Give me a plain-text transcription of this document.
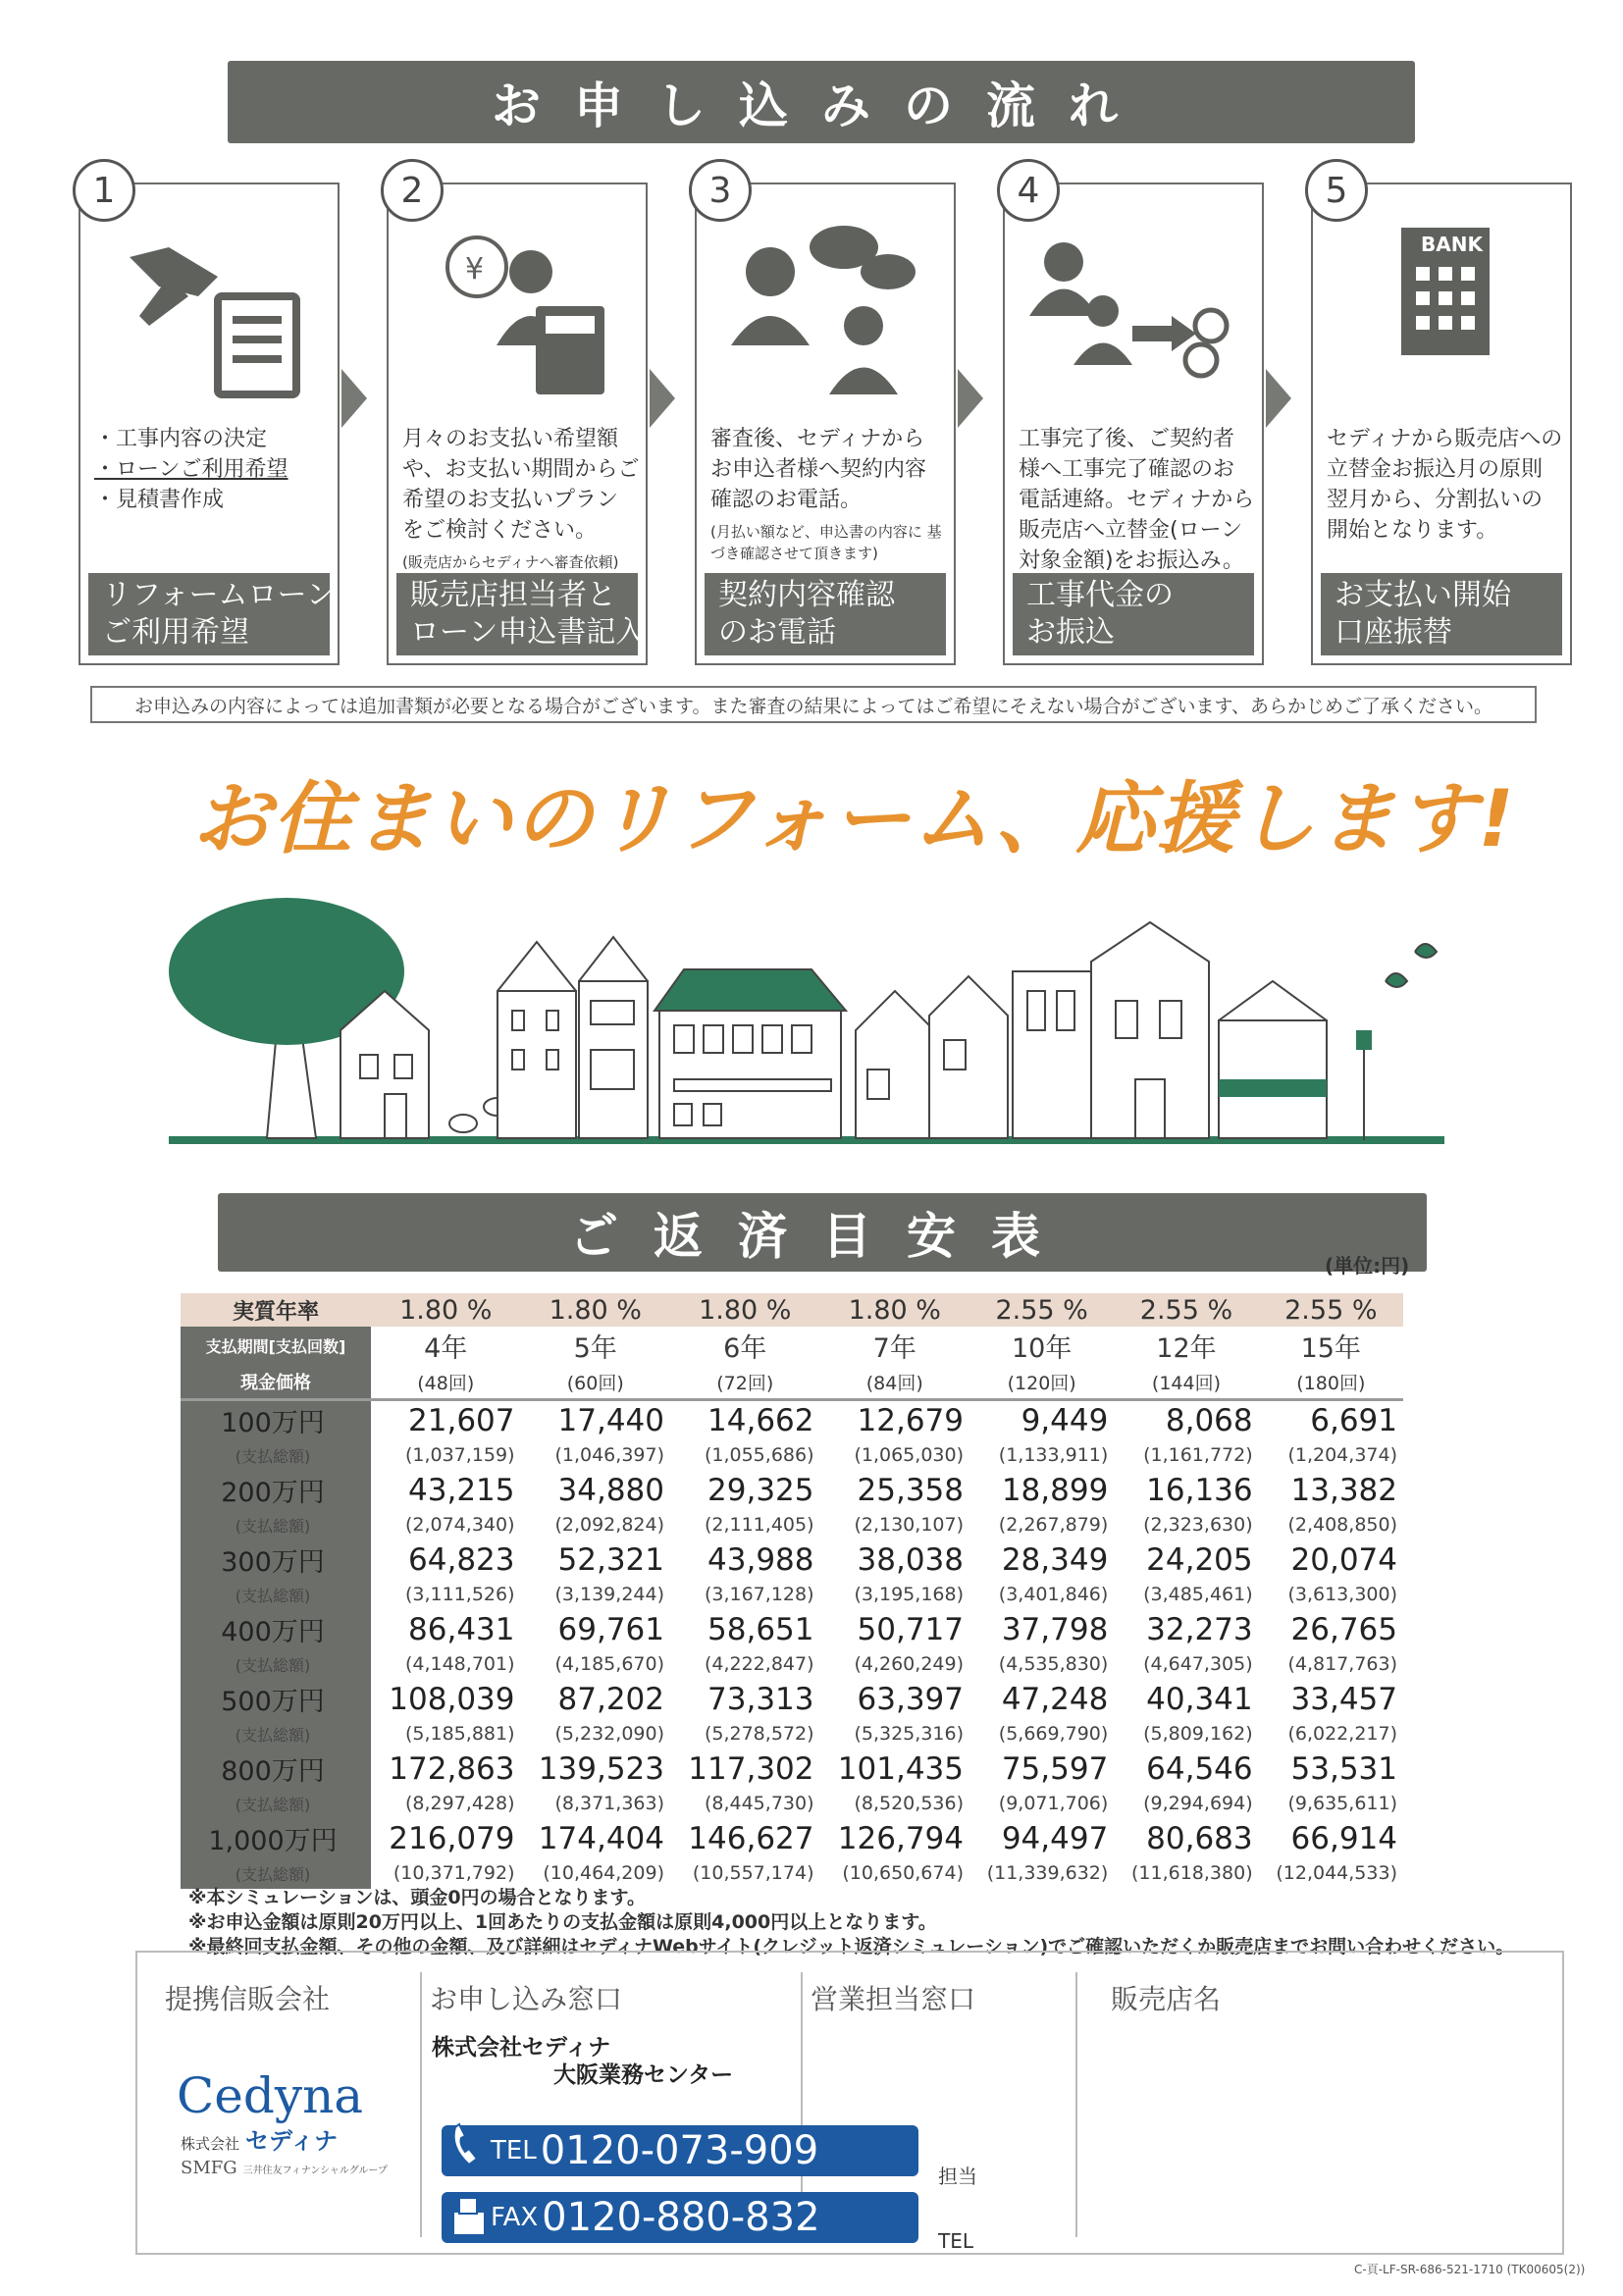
お申し込みの流れ
1
・工事内容の決定
・ローンご利用希望
・見積書作成
リフォームローン
ご利用希望
2
¥
月々のお支払い希望額
や、お支払い期間からご
希望のお支払いプラン
をご検討ください。
(販売店からセディナへ審査依頼)
販売店担当者と
ローン申込書記入
3
審査後、セディナから
お申込者様へ契約内容
確認のお電話。
(月払い額など、申込書の内容に 基づき確認させて頂きます)
契約内容確認
のお電話
4
工事完了後、ご契約者
様へ工事完了確認のお
電話連絡。セディナから
販売店へ立替金(ローン
対象金額)をお振込み。
工事代金の
お振込
5
BANK
セディナから販売店への
立替金お振込月の原則
翌月から、分割払いの
開始となります。
お支払い開始
口座振替
お申込みの内容によっては追加書類が必要となる場合がございます。また審査の結果によってはご希望にそえない場合がございます、あらかじめご了承ください。
お住まいのリフォーム、応援します!
ご返済目安表
(単位:円)
実質年率	1.80 %	1.80 %	1.80 %	1.80 %	2.55 %	2.55 %	2.55 %
支払期間[支払回数]	4年	5年	6年	7年	10年	12年	15年
現金価格	(48回)	(60回)	(72回)	(84回)	(120回)	(144回)	(180回)
100万円	21,607	17,440	14,662	12,679	9,449	8,068	6,691
(支払総額)	(1,037,159)	(1,046,397)	(1,055,686)	(1,065,030)	(1,133,911)	(1,161,772)	(1,204,374)
200万円	43,215	34,880	29,325	25,358	18,899	16,136	13,382
(支払総額)	(2,074,340)	(2,092,824)	(2,111,405)	(2,130,107)	(2,267,879)	(2,323,630)	(2,408,850)
300万円	64,823	52,321	43,988	38,038	28,349	24,205	20,074
(支払総額)	(3,111,526)	(3,139,244)	(3,167,128)	(3,195,168)	(3,401,846)	(3,485,461)	(3,613,300)
400万円	86,431	69,761	58,651	50,717	37,798	32,273	26,765
(支払総額)	(4,148,701)	(4,185,670)	(4,222,847)	(4,260,249)	(4,535,830)	(4,647,305)	(4,817,763)
500万円	108,039	87,202	73,313	63,397	47,248	40,341	33,457
(支払総額)	(5,185,881)	(5,232,090)	(5,278,572)	(5,325,316)	(5,669,790)	(5,809,162)	(6,022,217)
800万円	172,863	139,523	117,302	101,435	75,597	64,546	53,531
(支払総額)	(8,297,428)	(8,371,363)	(8,445,730)	(8,520,536)	(9,071,706)	(9,294,694)	(9,635,611)
1,000万円	216,079	174,404	146,627	126,794	94,497	80,683	66,914
(支払総額)	(10,371,792)	(10,464,209)	(10,557,174)	(10,650,674)	(11,339,632)	(11,618,380)	(12,044,533)
※本シミュレーションは、頭金0円の場合となります。
※お申込金額は原則20万円以上、1回あたりの支払金額は原則4,000円以上となります。
※最終回支払金額、その他の金額、及び詳細はセディナWebサイト(クレジット返済シミュレーション)でご確認いただくか販売店までお問い合わせください。
提携信販会社	お申し込み窓口	営業担当窓口	販売店名
Cedyna
株式会社 セディナ
SMFG 三井住友フィナンシャルグループ
株式会社セディナ
大阪業務センター
TEL 0120-073-909
FAX 0120-880-832
担当
TEL
C-頁-LF-SR-686-521-1710 (TK00605(2))
